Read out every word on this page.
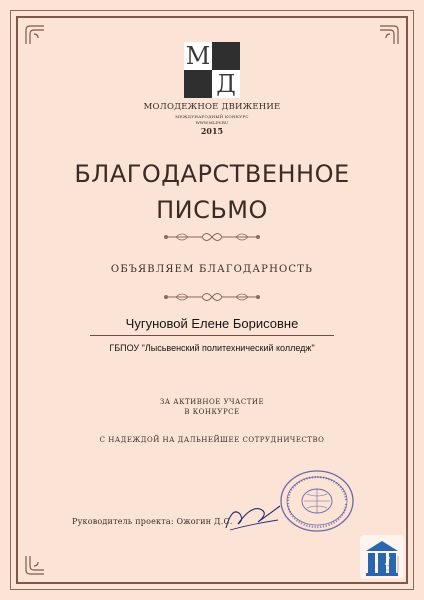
М
Д
МОЛОДЕЖНОЕ ДВИЖЕНИЕ
МЕЖДУНАРОДНЫЙ КОНКУРС
WWW.MLDV.RU
2015
БЛАГОДАРСТВЕННОЕ
ПИСЬМО
ОБЪЯВЛЯЕМ БЛАГОДАРНОСТЬ
Чугуновой Елене Борисовне
ГБПОУ "Лысьвенский политехнический колледж"
ЗА АКТИВНОЕ УЧАСТИЕ
В КОНКУРСЕ
С НАДЕЖДОЙ НА ДАЛЬНЕЙШЕЕ СОТРУДНИЧЕСТВО
Руководитель проекта: Ожогин Д.С.
